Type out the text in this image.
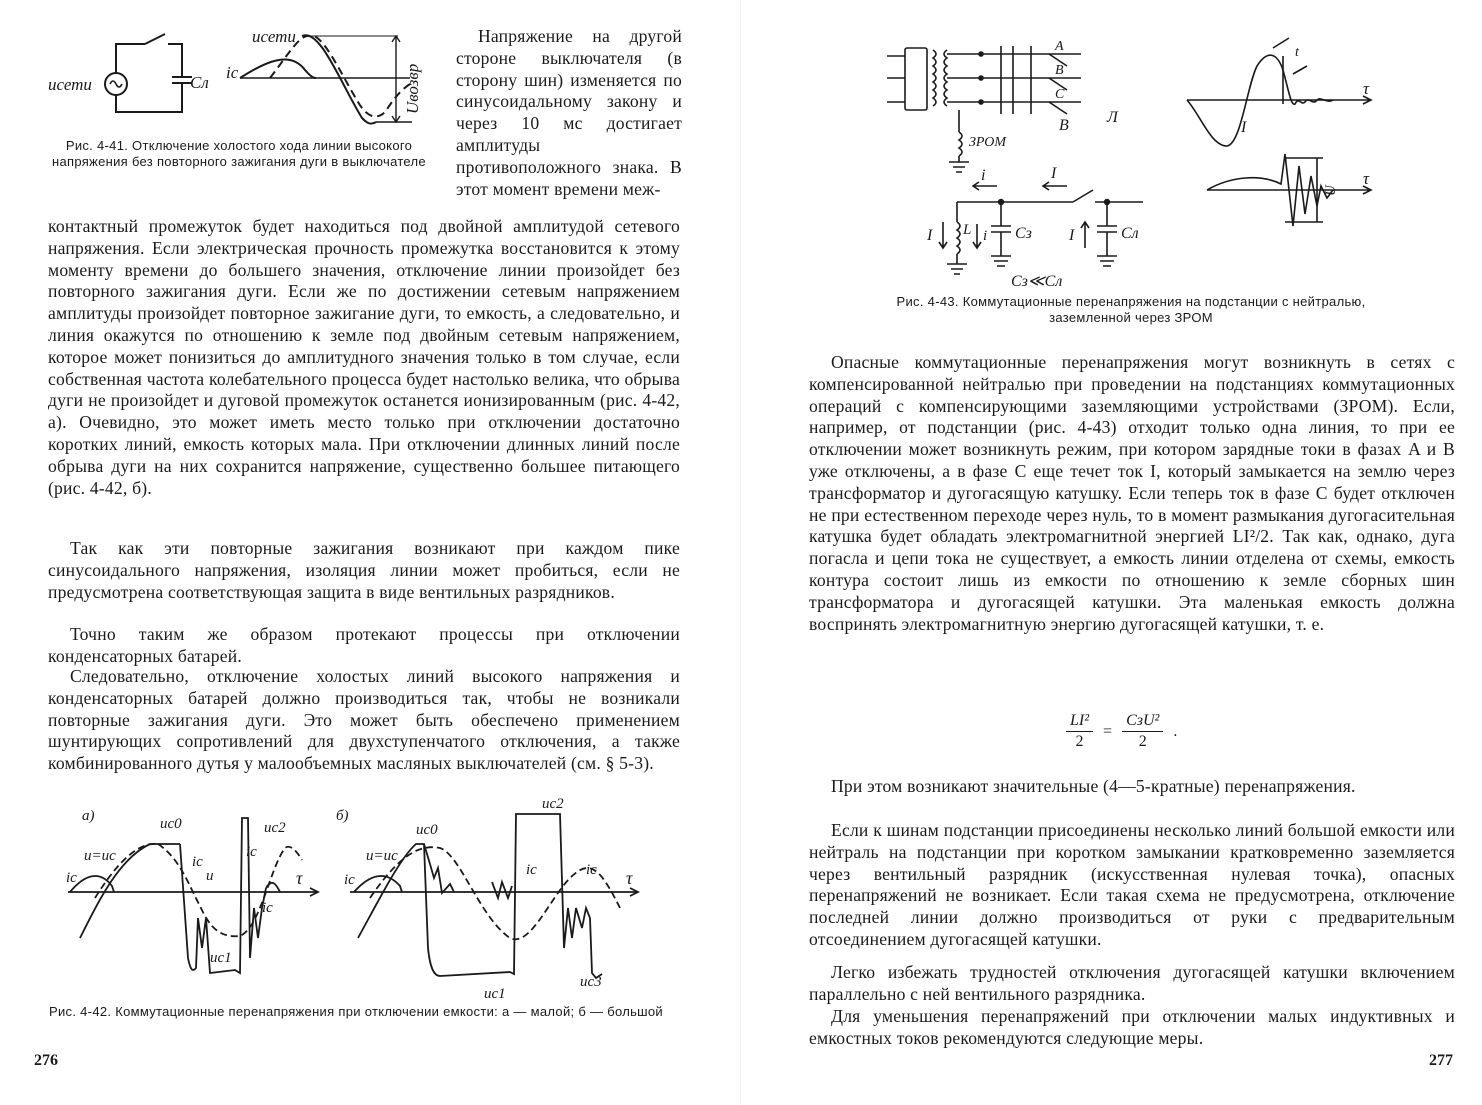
uсети	Cл
uсети
ic	Uвозвр

Рис. 4-41. Отключение холостого хода линии высокого напряжения без повторного зажигания дуги в выключателе

Напряжение на другой стороне выключателя (в сторону шин) изменяется по синусоидальному закону и через 10 мс достигает амплитуды противоположного знака. В этот момент времени меж-

контактный промежуток будет находиться под двойной амплитудой сетевого напряжения. Если электрическая прочность промежутка восстановится к этому моменту времени до большего значения, отключение линии произойдет без повторного зажигания дуги. Если же по достижении сетевым напряжением амплитуды произойдет повторное зажигание дуги, то емкость, а следовательно, и линия окажутся по отношению к земле под двойным сетевым напряжением, которое может понизиться до амплитудного значения только в том случае, если собственная частота колебательного процесса будет настолько велика, что обрыва дуги не произойдет и дуговой промежуток останется ионизированным (рис. 4-42, а). Очевидно, это может иметь место только при отключении достаточно коротких линий, емкость которых мала. При отключении длинных линий после обрыва дуги на них сохранится напряжение, существенно большее питающего (рис. 4-42, б).

Так как эти повторные зажигания возникают при каждом пике синусоидального напряжения, изоляция линии может пробиться, если не предусмотрена соответствующая защита в виде вентильных разрядников.

Точно таким же образом протекают процессы при отключении конденсаторных батарей.

Следовательно, отключение холостых линий высокого напряжения и конденсаторных батарей должно производиться так, чтобы не возникали повторные зажигания дуги. Это может быть обеспечено применением шунтирующих сопротивлений для двухступенчатого отключения, а также комбинированного дутья у малообъемных масляных выключателей (см. § 5-3).

а)	uc0	uc2
u=uc
ic
ic
u
ic
ic
uc1
τ
б)
uc2
uc0
u=uc
ic
ic	ic
uc1
uc3
τ

Рис. 4-42. Коммутационные перенапряжения при отключении емкости: а — малой; б — большой

276
A
B
C
ЗРОМ
В Л
i	I
I L i Cз I	Cл
Cз≪Cл
I
t
τ
U
τ

Рис. 4-43. Коммутационные перенапряжения на подстанции с нейтралью, заземленной через ЗРОМ

Опасные коммутационные перенапряжения могут возникнуть в сетях с компенсированной нейтралью при проведении на подстанциях коммутационных операций с компенсирующими заземляющими устройствами (ЗРОМ). Если, например, от подстанции (рис. 4-43) отходит только одна линия, то при ее отключении может возникнуть режим, при котором зарядные токи в фазах A и B уже отключены, а в фазе C еще течет ток I, который замыкается на землю через трансформатор и дугогасящую катушку. Если теперь ток в фазе C будет отключен не при естественном переходе через нуль, то в момент размыкания дугогасительная катушка будет обладать электромагнитной энергией LI²/2. Так как, однако, дуга погасла и цепи тока не существует, а емкость линии отделена от схемы, емкость контура состоит лишь из емкости по отношению к земле сборных шин трансформатора и дугогасящей катушки. Эта маленькая емкость должна воспринять электромагнитную энергию дугогасящей катушки, т. е.

$\frac{\text{LI²}}{2} = \frac{\text{CзU²}}{2}$ .

При этом возникают значительные (4—5-кратные) перенапряжения.

Если к шинам подстанции присоединены несколько линий большой емкости или нейтраль на подстанции при коротком замыкании кратковременно заземляется через вентильный разрядник (искусственная нулевая точка), опасных перенапряжений не возникает. Если такая схема не предусмотрена, отключение последней линии должно производиться от руки с предварительным отсоединением дугогасящей катушки.

Легко избежать трудностей отключения дугогасящей катушки включением параллельно с ней вентильного разрядника.

Для уменьшения перенапряжений при отключении малых индуктивных и емкостных токов рекомендуются следующие меры.

277
